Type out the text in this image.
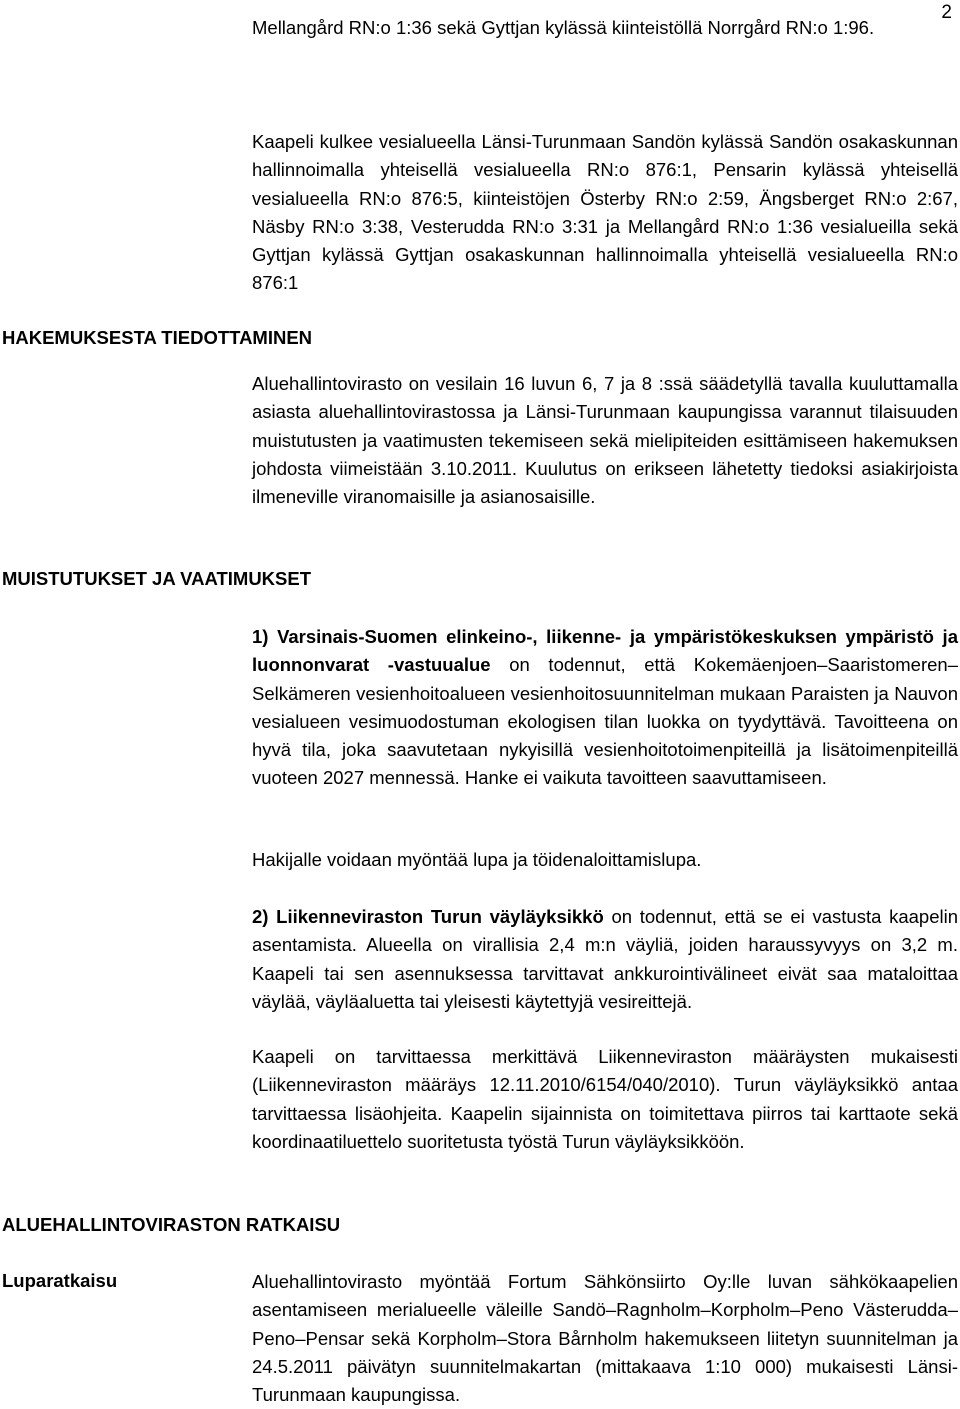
2

Mellangård RN:o 1:36 sekä Gyttjan kylässä kiinteistöllä Norrgård RN:o 1:96.

Kaapeli kulkee vesialueella Länsi-Turunmaan Sandön kylässä Sandön osakaskunnan hallinnoimalla yhteisellä vesialueella RN:o 876:1, Pensarin kylässä yhteisellä vesialueella RN:o 876:5, kiinteistöjen Österby RN:o 2:59, Ängsberget RN:o 2:67, Näsby RN:o 3:38, Vesterudda RN:o 3:31 ja Mellangård RN:o 1:36 vesialueilla sekä Gyttjan kylässä Gyttjan osakaskunnan hallinnoimalla yhteisellä vesialueella RN:o 876:1

HAKEMUKSESTA TIEDOTTAMINEN

Aluehallintovirasto on vesilain 16 luvun 6, 7 ja 8 :ssä säädetyllä tavalla kuuluttamalla asiasta aluehallintovirastossa ja Länsi-Turunmaan kaupungissa varannut tilaisuuden muistutusten ja vaatimusten tekemiseen sekä mielipiteiden esittämiseen hakemuksen johdosta viimeistään 3.10.2011. Kuulutus on erikseen lähetetty tiedoksi asiakirjoista ilmeneville viranomaisille ja asianosaisille.

MUISTUTUKSET JA VAATIMUKSET

1) Varsinais-Suomen elinkeino-, liikenne- ja ympäristökeskuksen ympäristö ja luonnonvarat -vastuualue on todennut, että Kokemäenjoen–Saaristomeren–Selkämeren vesienhoitoalueen vesienhoitosuunnitelman mukaan Paraisten ja Nauvon vesialueen vesimuodostuman ekologisen tilan luokka on tyydyttävä. Tavoitteena on hyvä tila, joka saavutetaan nykyisillä vesienhoitotoimenpiteillä ja lisätoimenpiteillä vuoteen 2027 mennessä. Hanke ei vaikuta tavoitteen saavuttamiseen.

Hakijalle voidaan myöntää lupa ja töidenaloittamislupa.

2) Liikenneviraston Turun väyläyksikkö on todennut, että se ei vastusta kaapelin asentamista. Alueella on virallisia 2,4 m:n väyliä, joiden haraussyvyys on 3,2 m. Kaapeli tai sen asennuksessa tarvittavat ankkurointivälineet eivät saa mataloittaa väylää, väyläaluetta tai yleisesti käytettyjä vesireittejä.

Kaapeli on tarvittaessa merkittävä Liikenneviraston määräysten mukaisesti (Liikenneviraston määräys 12.11.2010/6154/040/2010). Turun väyläyksikkö antaa tarvittaessa lisäohjeita. Kaapelin sijainnista on toimitettava piirros tai karttaote sekä koordinaatiluettelo suoritetusta työstä Turun väyläyksikköön.

ALUEHALLINTOVIRASTON RATKAISU
Luparatkaisu	Aluehallintovirasto myöntää Fortum Sähkönsiirto Oy:lle luvan sähkökaapelien asentamiseen merialueelle väleille Sandö–Ragnholm–Korpholm–Peno Västerudda–Peno–Pensar sekä Korpholm–Stora Bårnholm hakemukseen liitetyn suunnitelman ja 24.5.2011 päivätyn suunnitelmakartan (mittakaava 1:10 000) mukaisesti Länsi-Turunmaan kaupungissa.
